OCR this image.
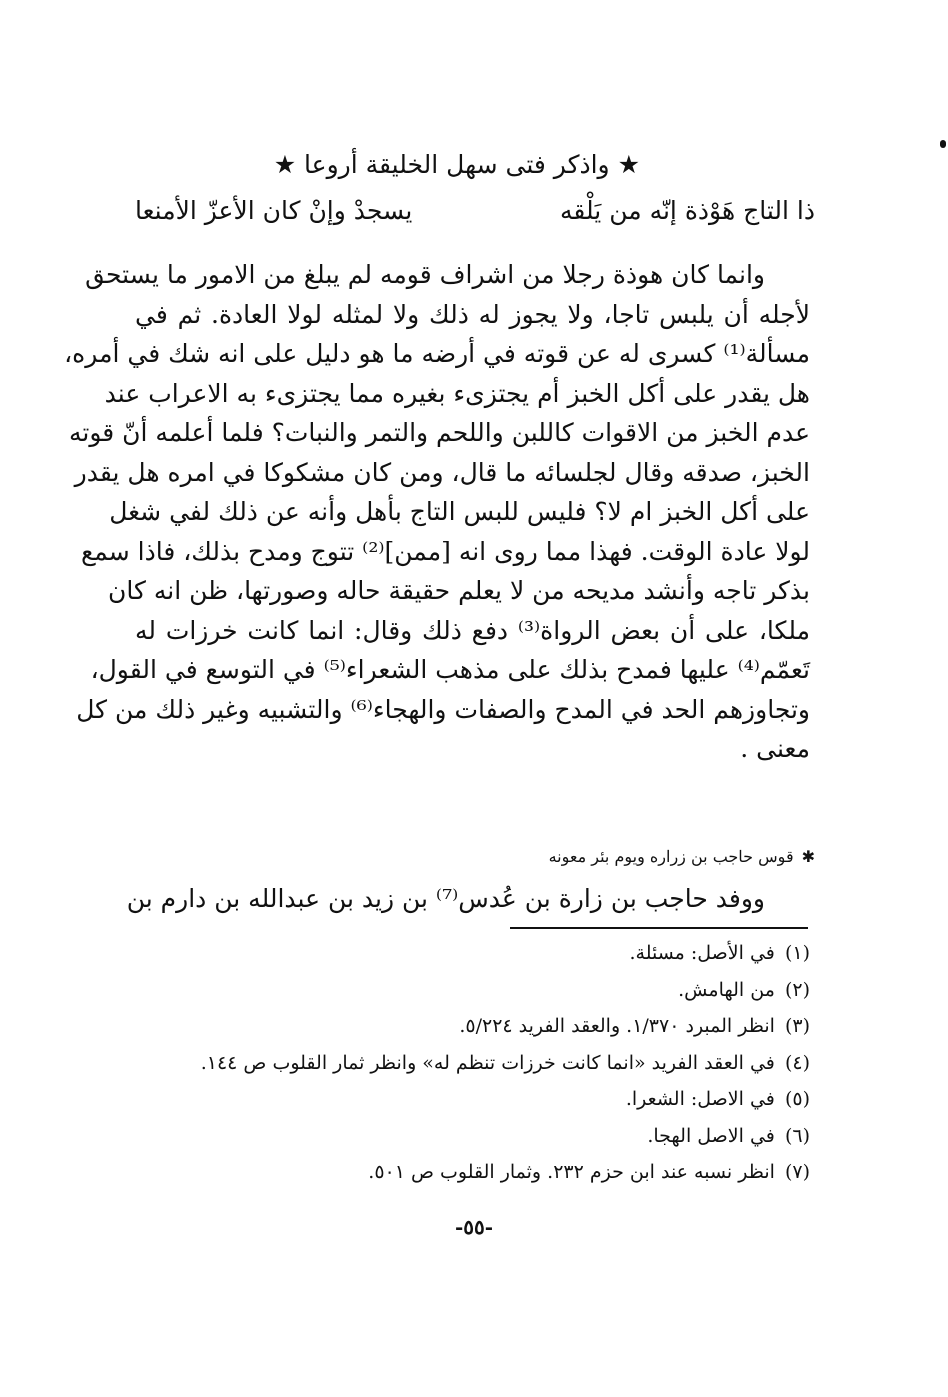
★ واذكر فتى سهل الخليقة أروعا ★
ذا التاج هَوْذة إنّه من يَلْقه
يسجدْ وإنْ كان الأعزّ الأمنعا
وانما كان هوذة رجلا من اشراف قومه لم يبلغ من الامور ما يستحق
لأجله أن يلبس تاجا، ولا يجوز له ذلك ولا لمثله لولا العادة. ثم في
مسألة⁽¹⁾ كسرى له عن قوته في أرضه ما هو دليل على انه شك في أمره،
هل يقدر على أكل الخبز أم يجتزىء بغيره مما يجتزىء به الاعراب عند
عدم الخبز من الاقوات كاللبن واللحم والتمر والنبات؟ فلما أعلمه أنّ قوته
الخبز، صدقه وقال لجلسائه ما قال، ومن كان مشكوكا في امره هل يقدر
على أكل الخبز ام لا؟ فليس للبس التاج بأهل وأنه عن ذلك لفي شغل
لولا عادة الوقت. فهذا مما روى انه [ممن]⁽²⁾ تتوج ومدح بذلك، فاذا سمع
بذكر تاجه وأنشد مديحه من لا يعلم حقيقة حاله وصورتها، ظن انه كان
ملكا، على أن بعض الرواة⁽³⁾ دفع ذلك وقال: انما كانت خرزات له
تَعمّم⁽⁴⁾ عليها فمدح بذلك على مذهب الشعراء⁽⁵⁾ في التوسع في القول،
وتجاوزهم الحد في المدح والصفات والهجاء⁽⁶⁾ والتشبيه وغير ذلك من كل
معنى .
✱قوس حاجب بن زراره ويوم بئر معونه
ووفد حاجب بن زارة بن عُدس⁽⁷⁾ بن زيد بن عبدالله بن دارم بن
(١) في الأصل: مسئلة.
(٢) من الهامش.
(٣) انظر المبرد ١/٣٧٠. والعقد الفريد ٥/٢٢٤.
(٤) في العقد الفريد «انما كانت خرزات تنظم له» وانظر ثمار القلوب ص ١٤٤.
(٥) في الاصل: الشعرا.
(٦) في الاصل الهجا.
(٧) انظر نسبه عند ابن حزم ٢٣٢. وثمار القلوب ص ٥٠١.
-٥٥-
